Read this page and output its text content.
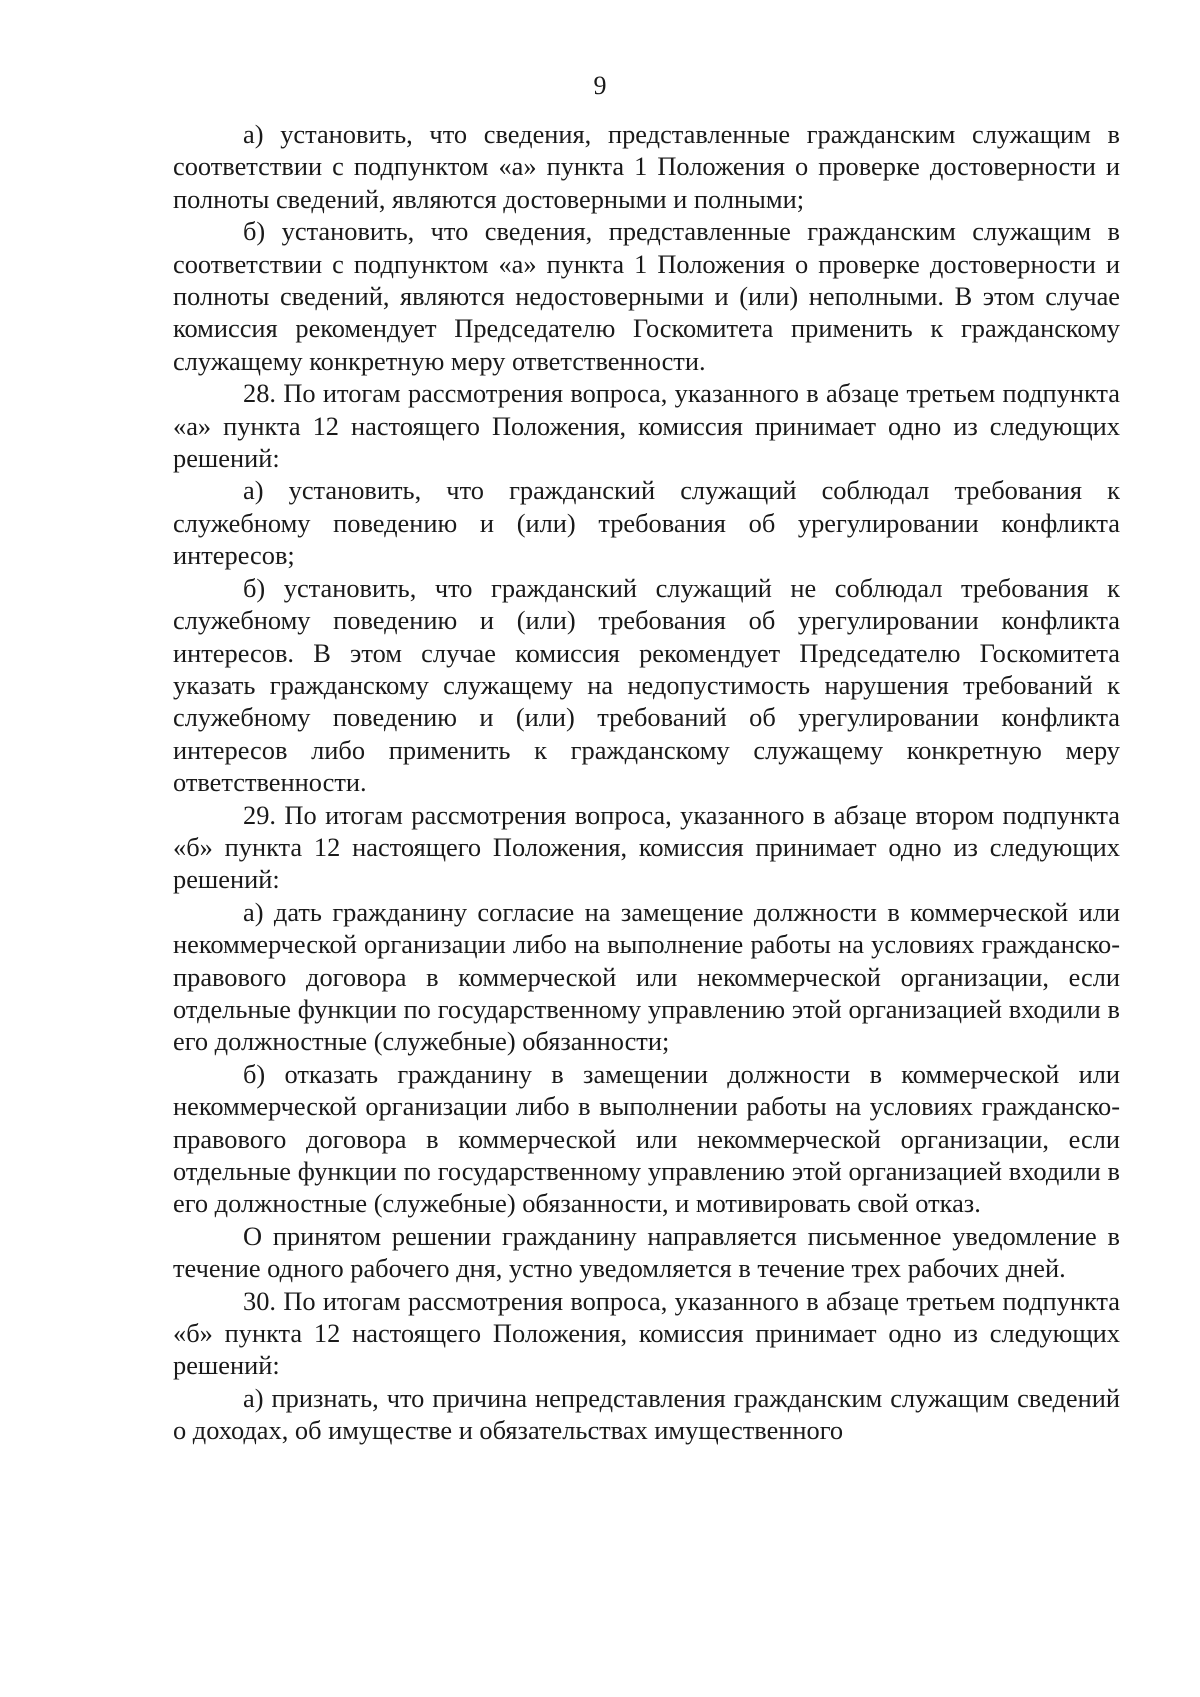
9

а) установить, что сведения, представленные гражданским служащим в соответствии с подпунктом «а» пункта 1 Положения о проверке достоверности и полноты сведений, являются достоверными и полными;

б) установить, что сведения, представленные гражданским служащим в соответствии с подпунктом «а» пункта 1 Положения о проверке достоверности и полноты сведений, являются недостоверными и (или) неполными. В этом случае комиссия рекомендует Председателю Госкомитета применить к гражданскому служащему конкретную меру ответственности.

28. По итогам рассмотрения вопроса, указанного в абзаце третьем подпункта «а» пункта 12 настоящего Положения, комиссия принимает одно из следующих решений:

а) установить, что гражданский служащий соблюдал требования к служебному поведению и (или) требования об урегулировании конфликта интересов;

б) установить, что гражданский служащий не соблюдал требования к служебному поведению и (или) требования об урегулировании конфликта интересов. В этом случае комиссия рекомендует Председателю Госкомитета указать гражданскому служащему на недопустимость нарушения требований к служебному поведению и (или) требований об урегулировании конфликта интересов либо применить к гражданскому служащему конкретную меру ответственности.

29. По итогам рассмотрения вопроса, указанного в абзаце втором подпункта «б» пункта 12 настоящего Положения, комиссия принимает одно из следующих решений:

а) дать гражданину согласие на замещение должности в коммерческой или некоммерческой организации либо на выполнение работы на условиях гражданско-правового договора в коммерческой или некоммерческой организации, если отдельные функции по государственному управлению этой организацией входили в его должностные (служебные) обязанности;

б) отказать гражданину в замещении должности в коммерческой или некоммерческой организации либо в выполнении работы на условиях гражданско-правового договора в коммерческой или некоммерческой организации, если отдельные функции по государственному управлению этой организацией входили в его должностные (служебные) обязанности, и мотивировать свой отказ.

О принятом решении гражданину направляется письменное уведомление в течение одного рабочего дня, устно уведомляется в течение трех рабочих дней.

30. По итогам рассмотрения вопроса, указанного в абзаце третьем подпункта «б» пункта 12 настоящего Положения, комиссия принимает одно из следующих решений:

а) признать, что причина непредставления гражданским служащим сведений о доходах, об имуществе и обязательствах имущественного
